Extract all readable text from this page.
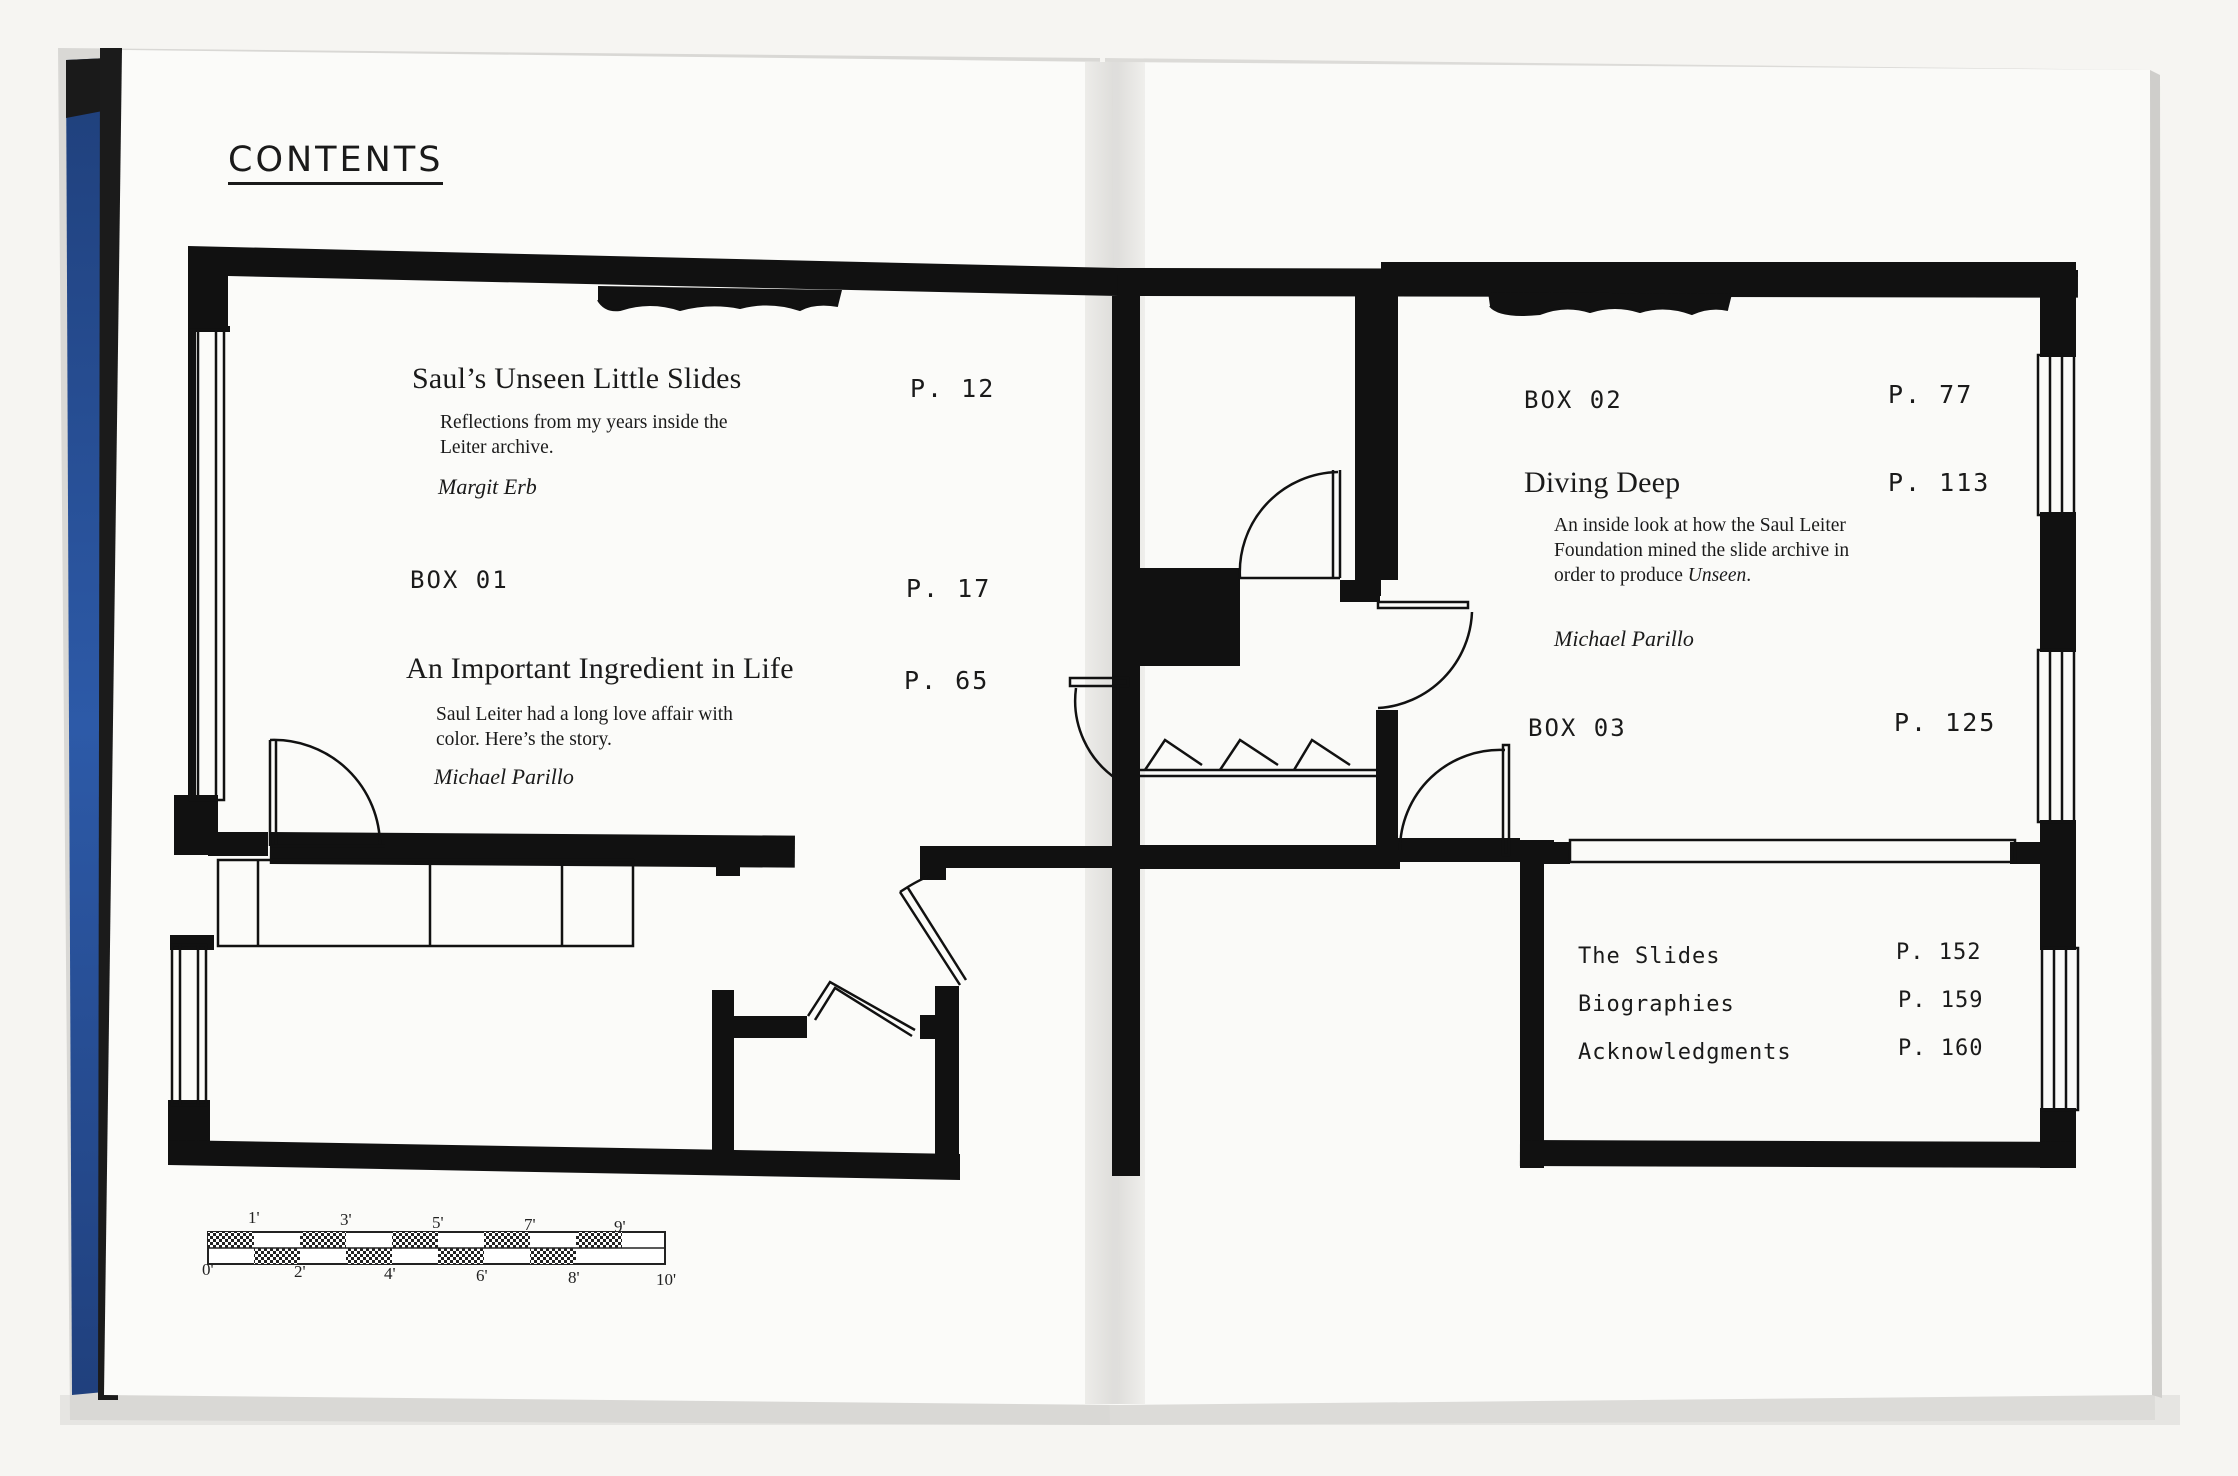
CONTENTS
Saul’s Unseen Little Slides
Reflections from my years inside the Leiter archive.
Margit Erb
P. 12
BOX 01	P. 17
An Important Ingredient in Life
Saul Leiter had a long love affair with color. Here’s the story.
Michael Parillo
P. 65
1'	3'	5'	7'	9'
0'	2'	4'	6'	8'	10'
BOX 02	P. 77
Diving Deep
An inside look at how the Saul Leiter Foundation mined the slide archive in order to produce Unseen.
Michael Parillo
P. 113
BOX 03	P. 125
The Slides	P. 152
Biographies	P. 159
Acknowledgments	P. 160
